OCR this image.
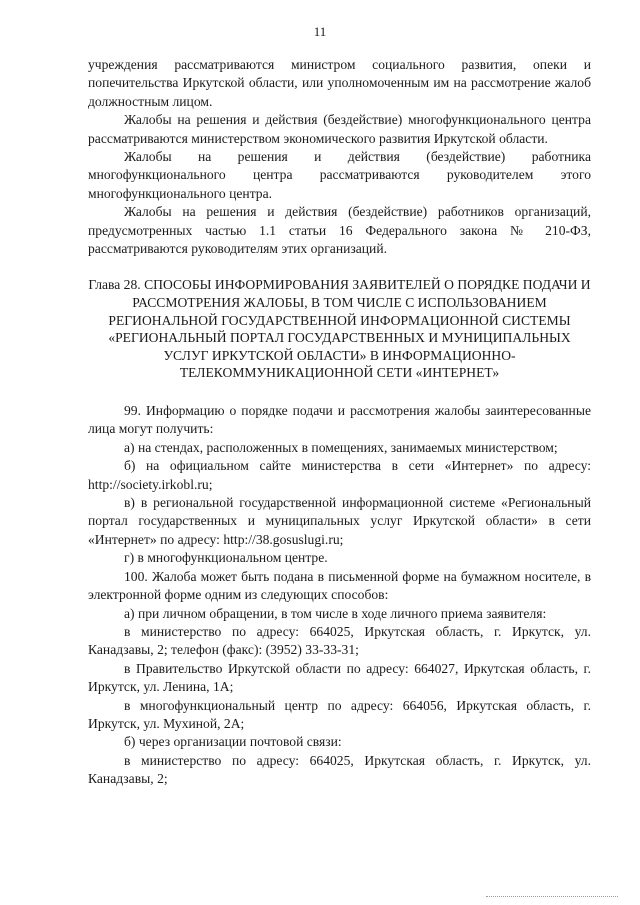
11

учреждения рассматриваются министром социального развития, опеки и попечительства Иркутской области, или уполномоченным им на рассмотрение жалоб должностным лицом.

Жалобы на решения и действия (бездействие) многофункционального центра рассматриваются министерством экономического развития Иркутской области.

Жалобы на решения и действия (бездействие) работника многофункционального центра рассматриваются руководителем этого многофункционального центра.

Жалобы на решения и действия (бездействие) работников организаций, предусмотренных частью 1.1 статьи 16 Федерального закона № 210-ФЗ, рассматриваются руководителям этих организаций.

Глава 28. СПОСОБЫ ИНФОРМИРОВАНИЯ ЗАЯВИТЕЛЕЙ О ПОРЯДКЕ ПОДАЧИ И РАССМОТРЕНИЯ ЖАЛОБЫ, В ТОМ ЧИСЛЕ С ИСПОЛЬЗОВАНИЕМ РЕГИОНАЛЬНОЙ ГОСУДАРСТВЕННОЙ ИНФОРМАЦИОННОЙ СИСТЕМЫ «РЕГИОНАЛЬНЫЙ ПОРТАЛ ГОСУДАРСТВЕННЫХ И МУНИЦИПАЛЬНЫХ УСЛУГ ИРКУТСКОЙ ОБЛАСТИ» В ИНФОРМАЦИОННО-ТЕЛЕКОММУНИКАЦИОННОЙ СЕТИ «ИНТЕРНЕТ»

99. Информацию о порядке подачи и рассмотрения жалобы заинтересованные лица могут получить:

а) на стендах, расположенных в помещениях, занимаемых министерством;

б) на официальном сайте министерства в сети «Интернет» по адресу: http://society.irkobl.ru;

в) в региональной государственной информационной системе «Региональный портал государственных и муниципальных услуг Иркутской области» в сети «Интернет» по адресу: http://38.gosuslugi.ru;

г) в многофункциональном центре.

100. Жалоба может быть подана в письменной форме на бумажном носителе, в электронной форме одним из следующих способов:

а) при личном обращении, в том числе в ходе личного приема заявителя:

в министерство по адресу: 664025, Иркутская область, г. Иркутск, ул. Канадзавы, 2; телефон (факс): (3952) 33-33-31;

в Правительство Иркутской области по адресу: 664027, Иркутская область, г. Иркутск, ул. Ленина, 1А;

в многофункциональный центр по адресу: 664056, Иркутская область, г. Иркутск, ул. Мухиной, 2А;

б) через организации почтовой связи:

в министерство по адресу: 664025, Иркутская область, г. Иркутск, ул. Канадзавы, 2;
